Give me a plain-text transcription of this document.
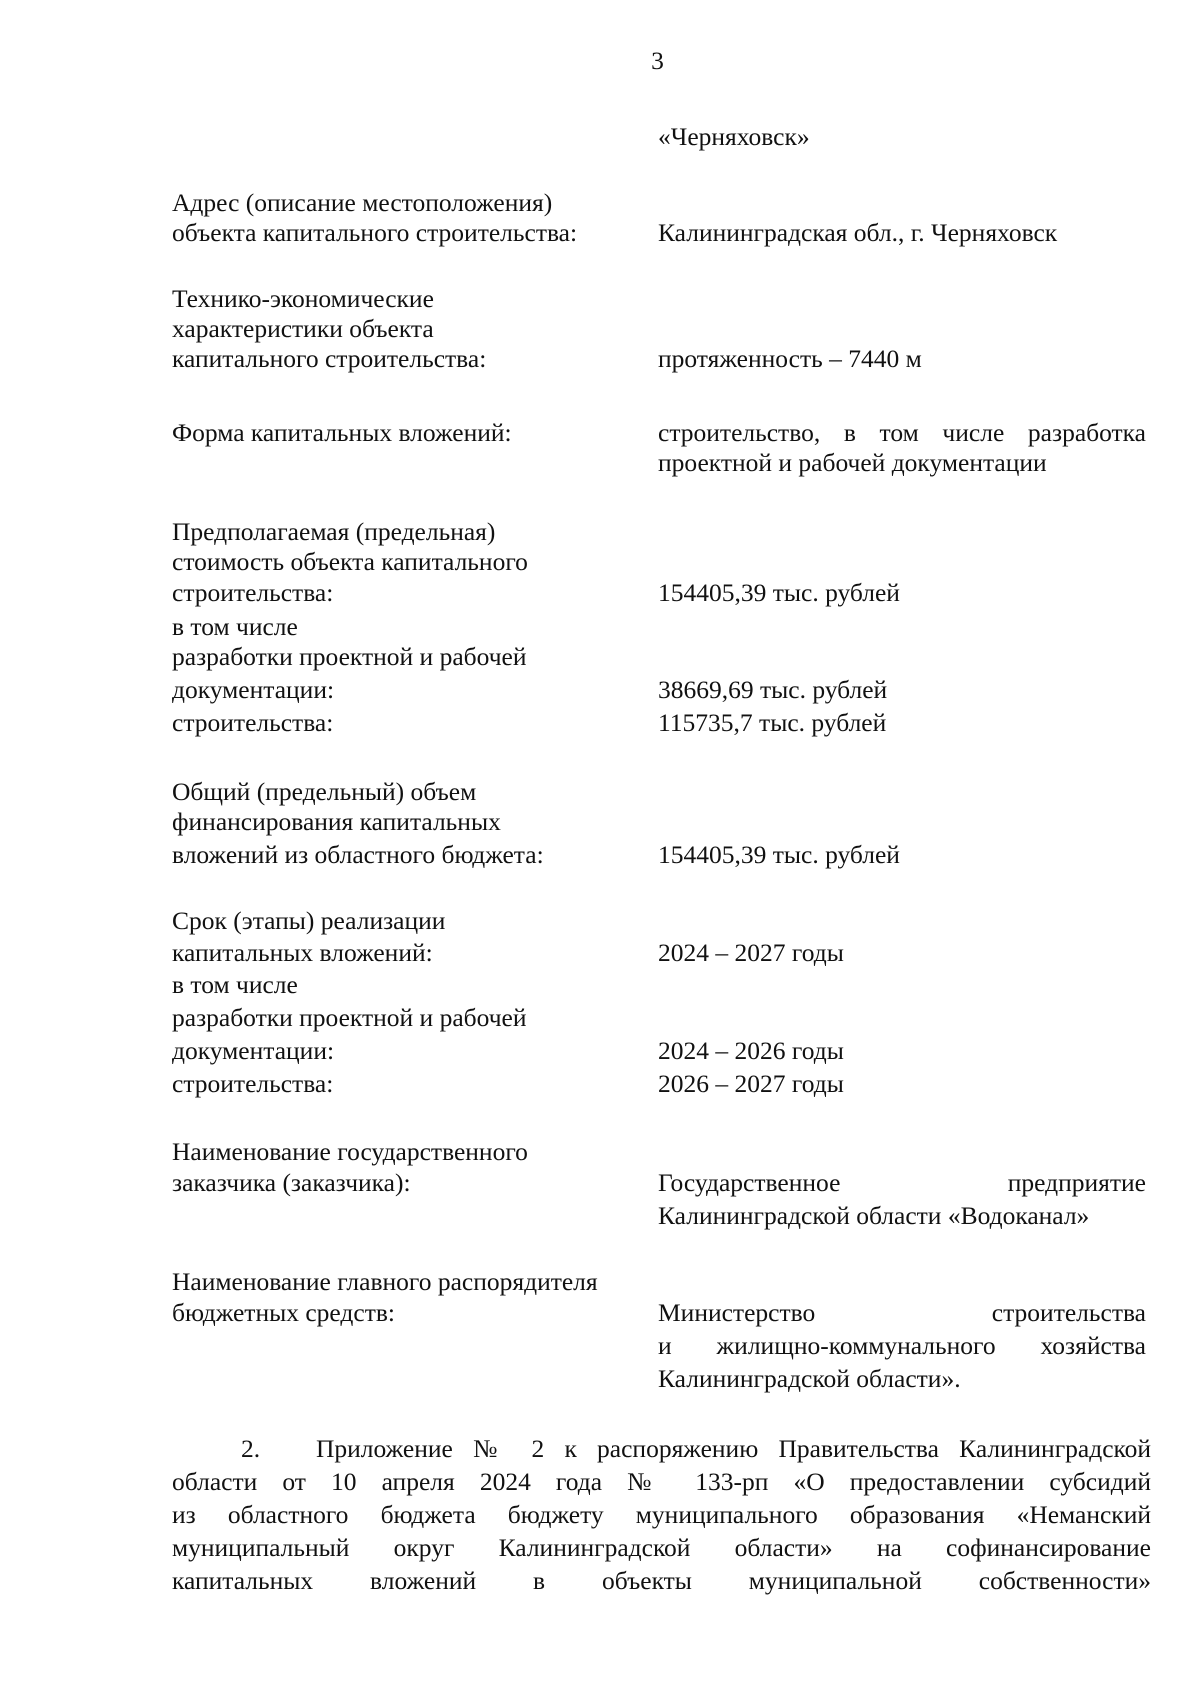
3
«Черняховск»
Адрес (описание местоположения)
объекта капитального строительства:	Калининградская обл., г. Черняховск
Технико-экономические
характеристики объекта
капитального строительства:	протяженность – 7440 м
Форма капитальных вложений:	строительство, в том числе разработка
проектной и рабочей документации
Предполагаемая (предельная)
стоимость объекта капитального
строительства:	154405,39 тыс. рублей
в том числе
разработки проектной и рабочей
документации:	38669,69 тыс. рублей
строительства:	115735,7 тыс. рублей
Общий (предельный) объем
финансирования капитальных
вложений из областного бюджета:	154405,39 тыс. рублей
Срок (этапы) реализации
капитальных вложений:	2024 – 2027 годы
в том числе
разработки проектной и рабочей
документации:	2024 – 2026 годы
строительства:	2026 – 2027 годы
Наименование государственного
заказчика (заказчика):	Государственное предприятие
Калининградской области «Водоканал»
Наименование главного распорядителя
бюджетных средств:	Министерство строительства
и жилищно-коммунального хозяйства
Калининградской области».
2. Приложение № 2 к распоряжению Правительства Калининградской
области от 10 апреля 2024 года № 133-рп «О предоставлении субсидий
из областного бюджета бюджету муниципального образования «Неманский
муниципальный округ Калининградской области» на софинансирование
капитальных вложений в объекты муниципальной собственности»
